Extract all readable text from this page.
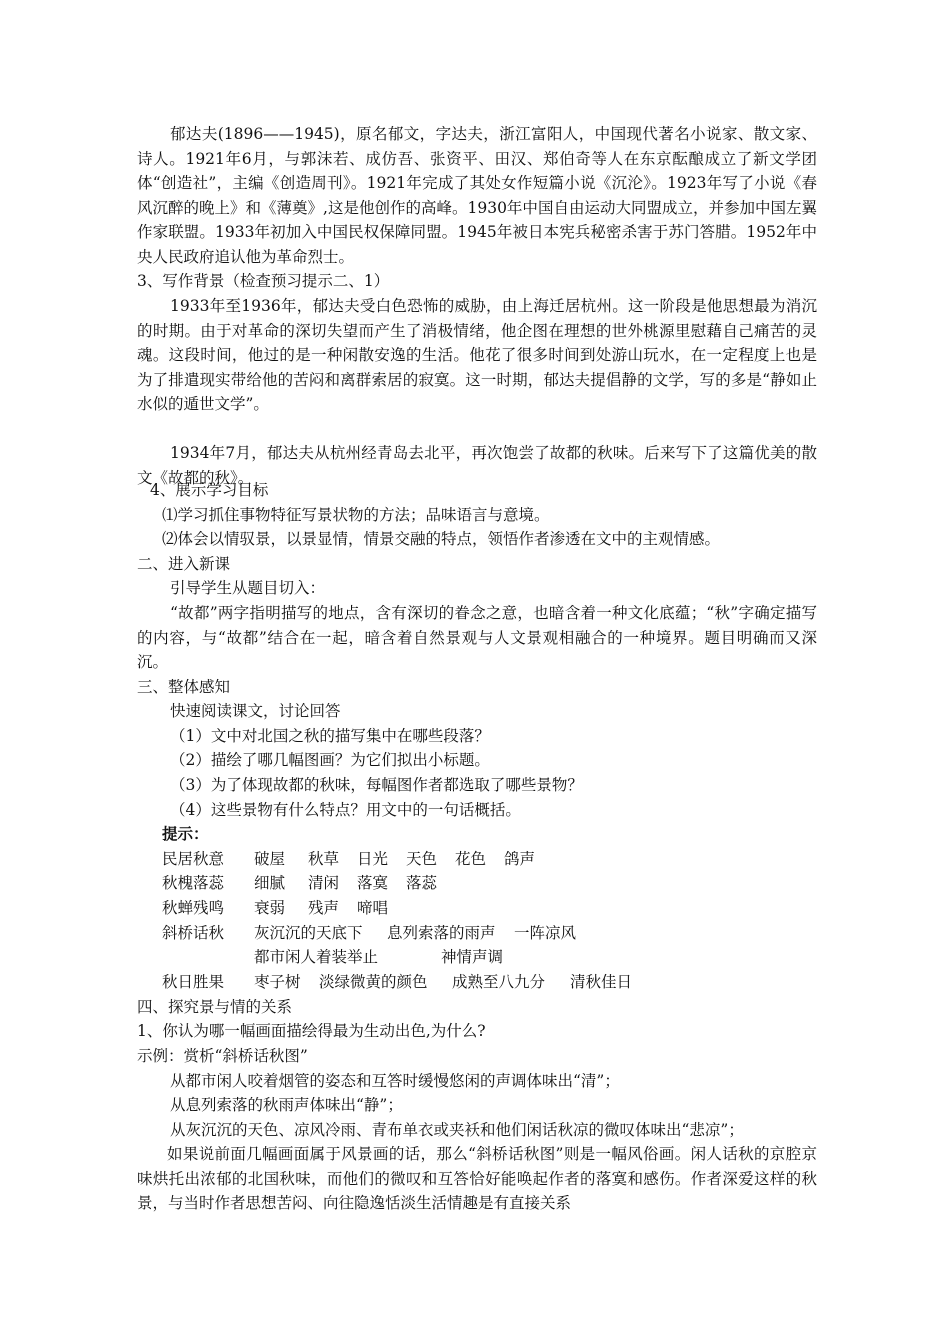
郁达夫(1896——1945)，原名郁文，字达夫，浙江富阳人，中国现代著名小说家、散文家、诗人。1921年6月，与郭沫若、成仿吾、张资平、田汉、郑伯奇等人在东京酝酿成立了新文学团体“创造社”，主编《创造周刊》。1921年完成了其处女作短篇小说《沉沦》。1923年写了小说《春风沉醉的晚上》和《薄奠》,这是他创作的高峰。1930年中国自由运动大同盟成立，并参加中国左翼作家联盟。1933年初加入中国民权保障同盟。1945年被日本宪兵秘密杀害于苏门答腊。1952年中央人民政府追认他为革命烈士。

3、写作背景（检查预习提示二、1）

1933年至1936年，郁达夫受白色恐怖的威胁，由上海迁居杭州。这一阶段是他思想最为消沉的时期。由于对革命的深切失望而产生了消极情绪，他企图在理想的世外桃源里慰藉自己痛苦的灵魂。这段时间，他过的是一种闲散安逸的生活。他花了很多时间到处游山玩水，在一定程度上也是为了排遣现实带给他的苦闷和离群索居的寂寞。这一时期，郁达夫提倡静的文学，写的多是“静如止水似的遁世文学”。

1934年7月，郁达夫从杭州经青岛去北平，再次饱尝了故都的秋味。后来写下了这篇优美的散文《故都的秋》。

4、展示学习目标
⑴学习抓住事物特征写景状物的方法；品味语言与意境。
⑵体会以情驭景，以景显情，情景交融的特点，领悟作者渗透在文中的主观情感。
二、进入新课
引导学生从题目切入：

“故都”两字指明描写的地点，含有深切的眷念之意，也暗含着一种文化底蕴；“秋”字确定描写的内容，与“故都”结合在一起，暗含着自然景观与人文景观相融合的一种境界。题目明确而又深沉。

三、整体感知
快速阅读课文，讨论回答
（1）文中对北国之秋的描写集中在哪些段落？
（2）描绘了哪几幅图画？为它们拟出小标题。
（3）为了体现故都的秋味，每幅图作者都选取了哪些景物？
（4）这些景物有什么特点？用文中的一句话概括。
提示：
民居秋意 破屋 秋草 日光 天色 花色 鸽声
秋槐落蕊 细腻 清闲 落寞 落蕊
秋蝉残鸣 衰弱 残声 啼唱
斜桥话秋 灰沉沉的天底下 息列索落的雨声 一阵凉风
都市闲人着装举止	神情声调
秋日胜果 枣子树 淡绿微黄的颜色 成熟至八九分 清秋佳日
四、探究景与情的关系
1、你认为哪一幅画面描绘得最为生动出色,为什么?
示例：赏析“斜桥话秋图”
从都市闲人咬着烟管的姿态和互答时缓慢悠闲的声调体味出“清”；
从息列索落的秋雨声体味出“静”；
从灰沉沉的天色、凉风冷雨、青布单衣或夹袄和他们闲话秋凉的微叹体味出“悲凉”；

如果说前面几幅画面属于风景画的话，那么“斜桥话秋图”则是一幅风俗画。闲人话秋的京腔京味烘托出浓郁的北国秋味，而他们的微叹和互答恰好能唤起作者的落寞和感伤。作者深爱这样的秋景，与当时作者思想苦闷、向往隐逸恬淡生活情趣是有直接关系
